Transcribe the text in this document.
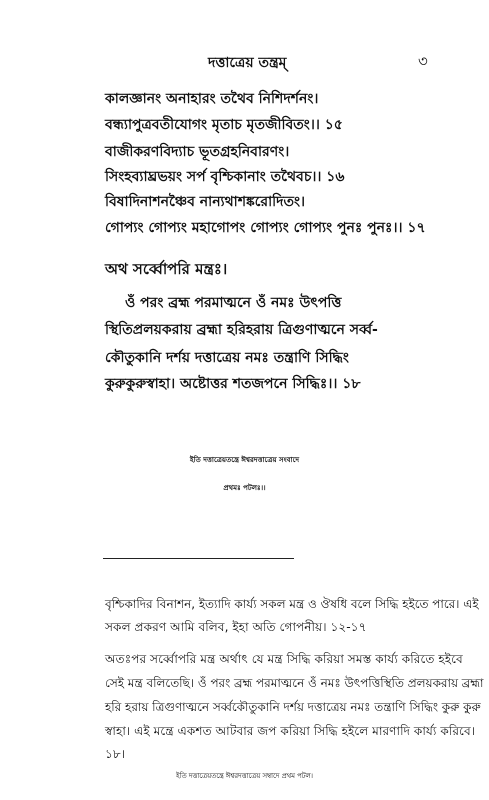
দত্তাত্রেয় তন্ত্রম্	৩
কালজ্ঞানং অনাহারং তথৈব নিশিদর্শনং।
বন্ধ্যাপুত্রবতীযোগং মৃতাচ মৃতজীবিতং।। ১৫
বাজীকরণবিদ্যাচ ভূতগ্রহনিবারণং।
সিংহব্যাঘ্রভয়ং সর্প বৃশ্চিকানাং তথৈবচ।। ১৬
বিষাদিনাশনঞ্চৈব নান্যথাশঙ্করোদিতং।
গোপ্যং গোপ্যং মহাগোপং গোপ্যং গোপ্যং পুনঃ পুনঃ।। ১৭
অথ সর্ব্বোপরি মন্ত্রঃ।
ওঁ পরং ব্রহ্ম পরমাত্মনে ওঁ নমঃ উৎপত্তি
স্থিতিপ্রলয়করায় ব্রহ্মা হরিহরায় ত্রিগুণাত্মনে সর্ব্ব-
কৌতুকানি দর্শয় দত্তাত্রেয় নমঃ তন্ত্রাণি সিদ্ধিং
কুরুকুরুস্বাহা। অষ্টোত্তর শতজপনে সিদ্ধিঃ।। ১৮
ইতি দত্তাত্রেয়তন্ত্রে ঈশ্বরদত্তাত্রেয় সংবাদে
প্রথমঃ পটলঃ।।
বৃশ্চিকাদির বিনাশন, ইত্যাদি কার্য্য সকল মন্ত্র ও ঔষধি বলে সিদ্ধি হইতে পারে। এই
সকল প্রকরণ আমি বলিব, ইহা অতি গোপনীয়। ১২-১৭
অতঃপর সর্ব্বোপরি মন্ত্র অর্থাৎ যে মন্ত্র সিদ্ধি করিয়া সমস্ত কার্য্য করিতে হইবে
সেই মন্ত্র বলিতেছি। ওঁ পরং ব্রহ্ম পরমাত্মনে ওঁ নমঃ উৎপত্তিস্থিতি প্রলয়করায় ব্রহ্মা
হরি হরায় ত্রিগুণাত্মনে সর্ব্বকৌতুকানি দর্শয় দত্তাত্রেয় নমঃ তন্ত্রাণি সিদ্ধিং কুরু কুরু
স্বাহা। এই মন্ত্রে একশত আটবার জপ করিয়া সিদ্ধি হইলে মারণাদি কার্য্য করিবে।
১৮।
ইতি দত্তাত্রেয়তন্ত্রে ঈশ্বরদত্তাত্রেয় সম্বাদে প্রথম পটল।
